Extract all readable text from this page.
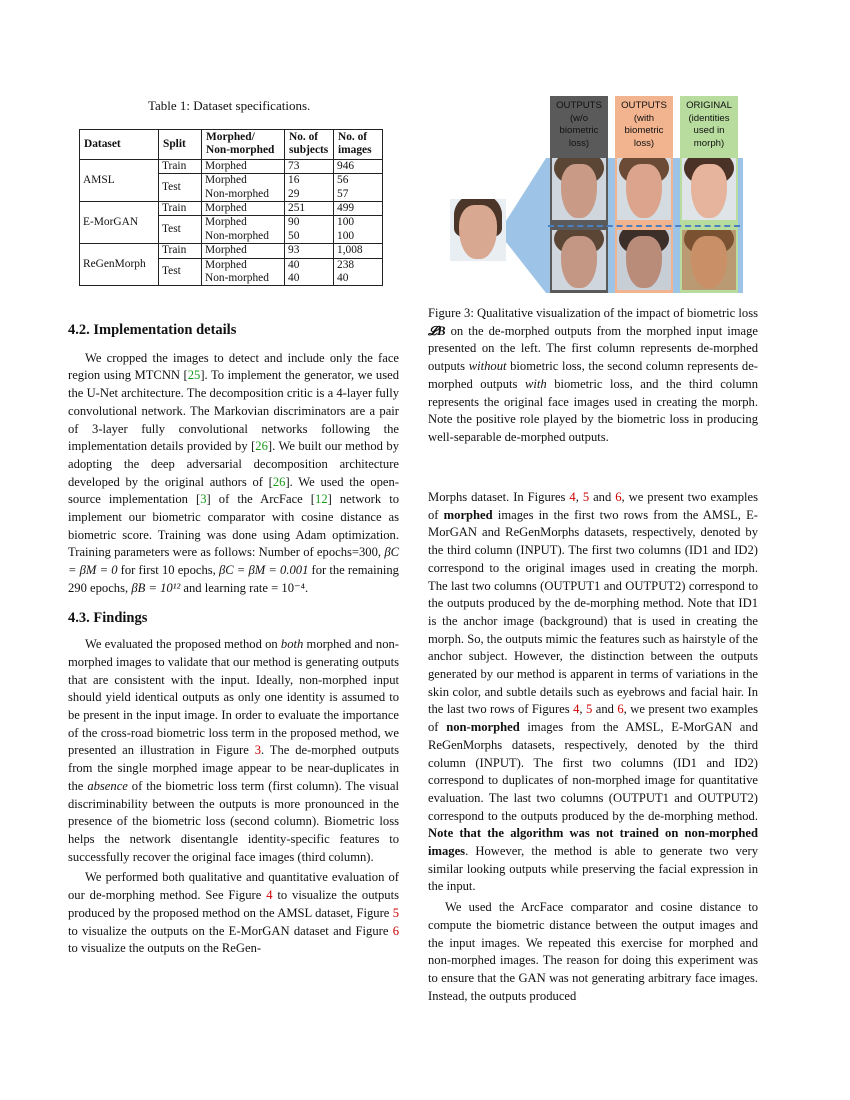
Table 1: Dataset specifications.
Dataset	Split	Morphed/ Non-morphed	No. of subjects	No. of images
AMSL	Train	Morphed	73	946
	Test	Morphed	16	56
		Non-morphed	29	57
E-MorGAN	Train	Morphed	251	499
	Test	Morphed	90	100
		Non-morphed	50	100
ReGenMorph	Train	Morphed	93	1,008
	Test	Morphed	40	238
		Non-morphed	40	40
OUTPUTS (w/o biometric loss)
OUTPUTS (with biometric loss)
ORIGINAL (identities used in morph)
Figure 3: Qualitative visualization of the impact of biometric loss 𝓛B on the de-morphed outputs from the morphed input image presented on the left. The first column represents de-morphed outputs without biometric loss, the second column represents de-morphed outputs with biometric loss, and the third column represents the original face images used in creating the morph. Note the positive role played by the biometric loss in producing well-separable de-morphed outputs.
4.2. Implementation details

We cropped the images to detect and include only the face region using MTCNN [25]. To implement the generator, we used the U-Net architecture. The decomposition critic is a 4-layer fully convolutional network. The Markovian discriminators are a pair of 3-layer fully convolutional networks following the implementation details provided by [26]. We built our method by adopting the deep adversarial decomposition architecture developed by the original authors of [26]. We used the open-source implementation [3] of the ArcFace [12] network to implement our biometric comparator with cosine distance as biometric score. Training was done using Adam optimization. Training parameters were as follows: Number of epochs=300, βC = βM = 0 for first 10 epochs, βC = βM = 0.001 for the remaining 290 epochs, βB = 10¹² and learning rate = 10⁻⁴.

4.3. Findings

We evaluated the proposed method on both morphed and non-morphed images to validate that our method is generating outputs that are consistent with the input. Ideally, non-morphed input should yield identical outputs as only one identity is assumed to be present in the input image. In order to evaluate the importance of the cross-road biometric loss term in the proposed method, we presented an illustration in Figure 3. The de-morphed outputs from the single morphed image appear to be near-duplicates in the absence of the biometric loss term (first column). The visual discriminability between the outputs is more pronounced in the presence of the biometric loss (second column). Biometric loss helps the network disentangle identity-specific features to successfully recover the original face images (third column).

We performed both qualitative and quantitative evaluation of our de-morphing method. See Figure 4 to visualize the outputs produced by the proposed method on the AMSL dataset, Figure 5 to visualize the outputs on the E-MorGAN dataset and Figure 6 to visualize the outputs on the ReGen-

Morphs dataset. In Figures 4, 5 and 6, we present two examples of morphed images in the first two rows from the AMSL, E-MorGAN and ReGenMorphs datasets, respectively, denoted by the third column (INPUT). The first two columns (ID1 and ID2) correspond to the original images used in creating the morph. The last two columns (OUTPUT1 and OUTPUT2) correspond to the outputs produced by the de-morphing method. Note that ID1 is the anchor image (background) that is used in creating the morph. So, the outputs mimic the features such as hairstyle of the anchor subject. However, the distinction between the outputs generated by our method is apparent in terms of variations in the skin color, and subtle details such as eyebrows and facial hair. In the last two rows of Figures 4, 5 and 6, we present two examples of non-morphed images from the AMSL, E-MorGAN and ReGenMorphs datasets, respectively, denoted by the third column (INPUT). The first two columns (ID1 and ID2) correspond to duplicates of non-morphed image for quantitative evaluation. The last two columns (OUTPUT1 and OUTPUT2) correspond to the outputs produced by the de-morphing method. Note that the algorithm was not trained on non-morphed images. However, the method is able to generate two very similar looking outputs while preserving the facial expression in the input.

We used the ArcFace comparator and cosine distance to compute the biometric distance between the output images and the input images. We repeated this exercise for morphed and non-morphed images. The reason for doing this experiment was to ensure that the GAN was not generating arbitrary face images. Instead, the outputs produced
